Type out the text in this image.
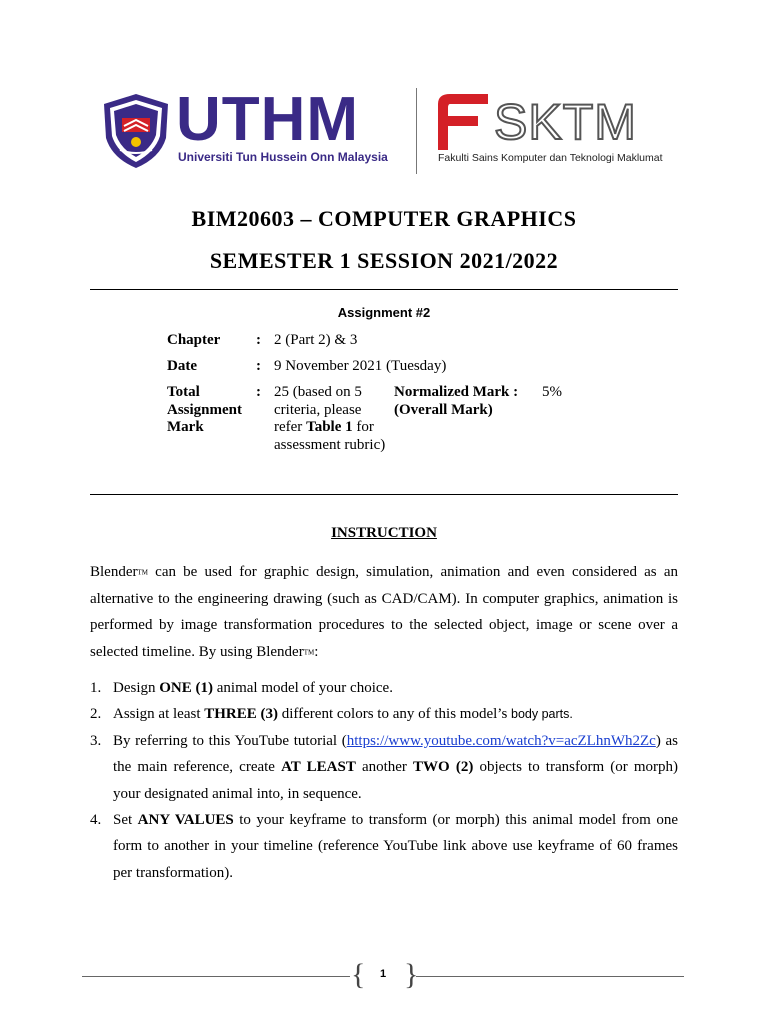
UTHM
Universiti Tun Hussein Onn Malaysia
SKTM
Fakulti Sains Komputer dan Teknologi Maklumat
BIM20603 – COMPUTER GRAPHICS
SEMESTER 1 SESSION 2021/2022
Assignment #2
Chapter : 2 (Part 2) & 3
Date	: 9 November 2021 (Tuesday)
Total Assignment Mark
: 25 (based on 5 criteria, please refer Table 1 for assessment rubric)
Normalized Mark : (Overall Mark)
5%
INSTRUCTION
BlenderTM can be used for graphic design, simulation, animation and even considered as an alternative to the engineering drawing (such as CAD/CAM). In computer graphics, animation is performed by image transformation procedures to the selected object, image or scene over a selected timeline. By using BlenderTM:
1. Design ONE (1) animal model of your choice.
2. Assign at least THREE (3) different colors to any of this model’s body parts.
3. By referring to this YouTube tutorial (https://www.youtube.com/watch?v=acZLhnWh2Zc) as the main reference, create AT LEAST another TWO (2) objects to transform (or morph) your designated animal into, in sequence.
4. Set ANY VALUES to your keyframe to transform (or morph) this animal model from one form to another in your timeline (reference YouTube link above use keyframe of 60 frames per transformation).
{	1 }
